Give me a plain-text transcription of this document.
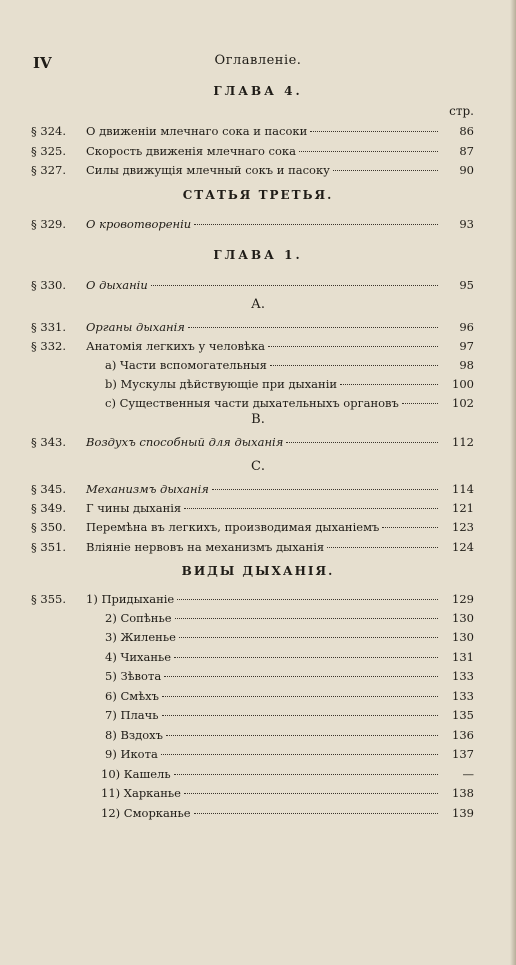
IV	Оглавленіе.
ГЛАВА 4.
стр.
СТАТЬЯ ТРЕТЬЯ.
ГЛАВА 1.
А.
В.
С.
ВИДЫ ДЫХАНІЯ.
§ 324. О движеніи млечнаго сока и пасоки	86
§ 325. Скорость движенія млечнаго сока	87
§ 327. Силы движущія млечный сокъ и пасоку	90
§ 329. О кровотвореніи	93
§ 330. О дыханіи	95
§ 331. Органы дыханія	96
§ 332. Анатомія легкихъ у человѣка	97
а) Части вспомогательныя	98
b) Мускулы дѣйствующіе при дыханіи	100
c) Существенныя части дыхательныхъ органовъ	102
§ 343. Воздухъ способный для дыханія	112
§ 345. Механизмъ дыханія	114
§ 349. Г чины дыханія	121
§ 350. Перемѣна въ легкихъ, производимая дыханіемъ	123
§ 351. Вліяніе нервовъ на механизмъ дыханія	124
§ 355. 1) Придыханіе	129
2) Сопѣнье	130
3) Жиленье	130
4) Чиханье	131
5) Зѣвота	133
6) Смѣхъ	133
7) Плачь	135
8) Вздохъ	136
9) Икота	137
10) Кашель	—
11) Харканье	138
12) Сморканье	139
